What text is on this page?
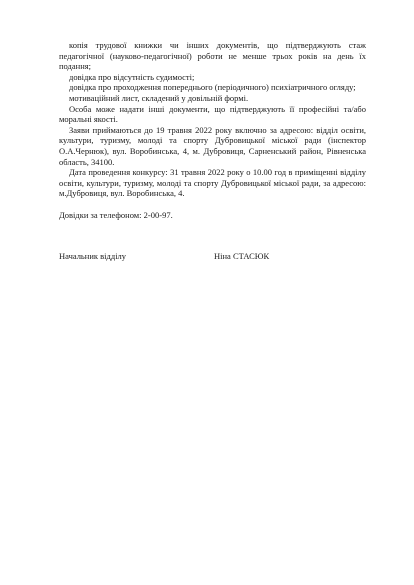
копія трудової книжки чи інших документів, що підтверджують стаж педагогічної (науково-педагогічної) роботи не менше трьох років на день їх подання;

довідка про відсутність судимості;

довідка про проходження попереднього (періодичного) психіатричного огляду;

мотиваційний лист, складений у довільній формі.

Особа може надати інші документи, що підтверджують її професійні та/або моральні якості.

Заяви приймаються до 19 травня 2022 року включно за адресою: відділ освіти, культури, туризму, молоді та спорту Дубровицької міської ради (інспектор О.А.Чернюк), вул. Воробинська, 4, м. Дубровиця, Сарненський район, Рівненська область, 34100.

Дата проведення конкурсу: 31 травня 2022 року о 10.00 год в приміщенні відділу освіти, культури, туризму, молоді та спорту Дубровицької міської ради, за адресою: м.Дубровиця, вул. Воробинська, 4.

Довідки за телефоном: 2-00-97.

Начальник відділу	Ніна СТАСЮК
